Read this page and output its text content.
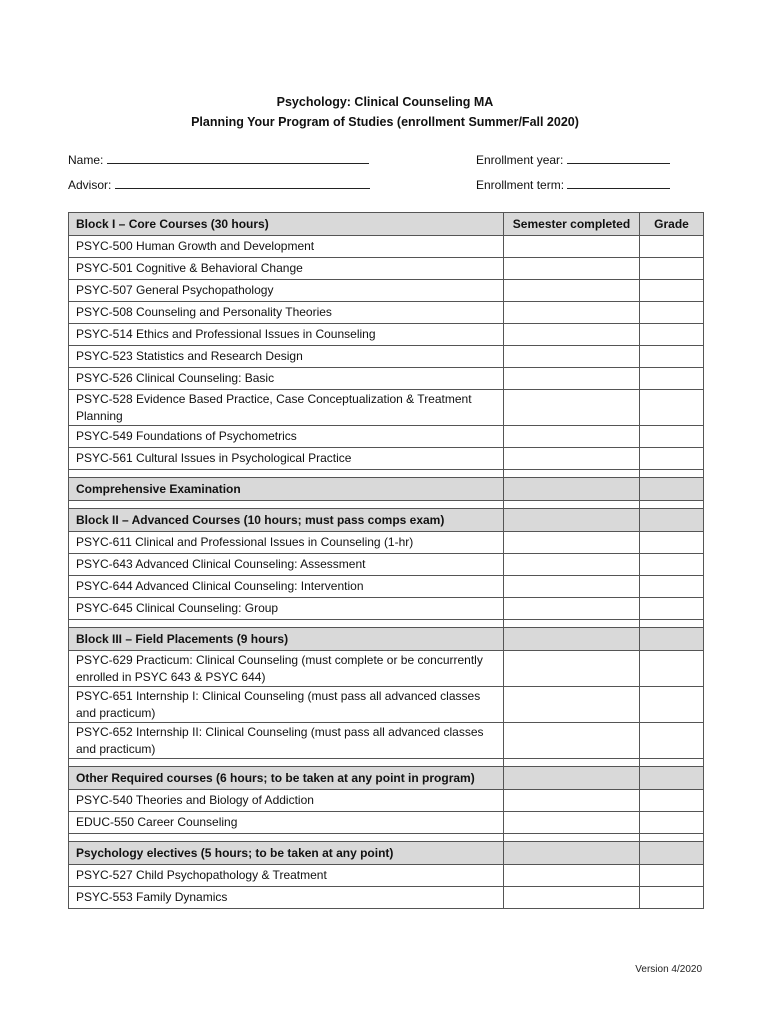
Psychology: Clinical Counseling MA
Planning Your Program of Studies (enrollment Summer/Fall 2020)
Name:
Advisor:
Enrollment year:
Enrollment term:
Block I – Core Courses (30 hours)	Semester completed	Grade
PSYC-500 Human Growth and Development		
PSYC-501 Cognitive & Behavioral Change		
PSYC-507 General Psychopathology		
PSYC-508 Counseling and Personality Theories		
PSYC-514 Ethics and Professional Issues in Counseling		
PSYC-523 Statistics and Research Design		
PSYC-526 Clinical Counseling: Basic		
PSYC-528 Evidence Based Practice, Case Conceptualization & Treatment Planning		
PSYC-549 Foundations of Psychometrics		
PSYC-561 Cultural Issues in Psychological Practice		

Comprehensive Examination		

Block II – Advanced Courses (10 hours; must pass comps exam)		
PSYC-611 Clinical and Professional Issues in Counseling (1-hr)		
PSYC-643 Advanced Clinical Counseling: Assessment		
PSYC-644 Advanced Clinical Counseling: Intervention		
PSYC-645 Clinical Counseling: Group		

Block III – Field Placements (9 hours)		
PSYC-629 Practicum: Clinical Counseling (must complete or be concurrently enrolled in PSYC 643 & PSYC 644)		
PSYC-651 Internship I: Clinical Counseling (must pass all advanced classes and practicum)		
PSYC-652 Internship II: Clinical Counseling (must pass all advanced classes and practicum)		

Other Required courses (6 hours; to be taken at any point in program)		
PSYC-540 Theories and Biology of Addiction		
EDUC-550 Career Counseling		

Psychology electives (5 hours; to be taken at any point)		
PSYC-527 Child Psychopathology & Treatment		
PSYC-553 Family Dynamics		
Version 4/2020
